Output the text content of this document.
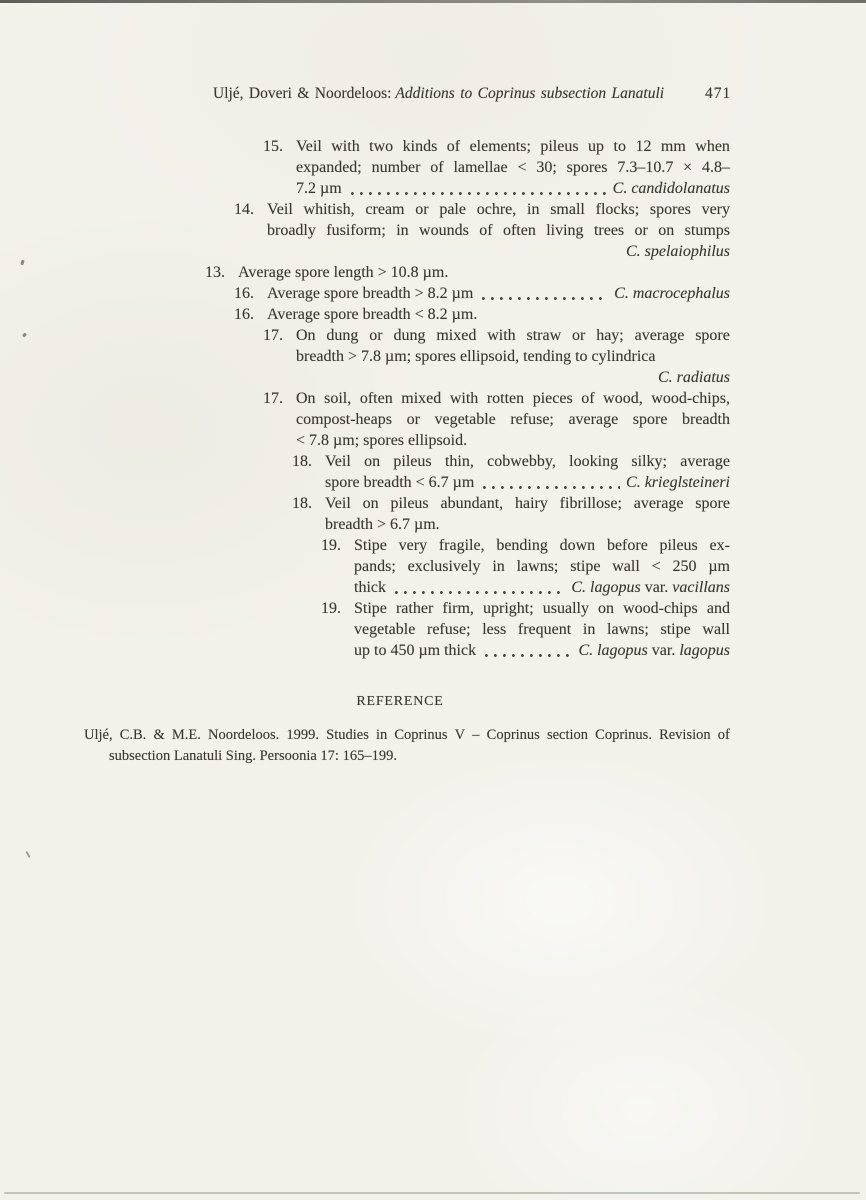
Uljé, Doveri & Noordeloos: Additions to Coprinus subsection Lanatuli	471
15. Veil with two kinds of elements; pileus up to 12 mm when
expanded; number of lamellae < 30; spores 7.3–10.7 × 4.8–
7.2 µm	C. candidolanatus
14. Veil whitish, cream or pale ochre, in small flocks; spores very
broadly fusiform; in wounds of often living trees or on stumps
C. spelaiophilus
13. Average spore length > 10.8 µm.
16. Average spore breadth > 8.2 µm	C. macrocephalus
16. Average spore breadth < 8.2 µm.
17. On dung or dung mixed with straw or hay; average spore
breadth > 7.8 µm; spores ellipsoid, tending to cylindrica
C. radiatus
17. On soil, often mixed with rotten pieces of wood, wood-chips,
compost-heaps or vegetable refuse; average spore breadth
< 7.8 µm; spores ellipsoid.
18. Veil on pileus thin, cobwebby, looking silky; average
spore breadth < 6.7 µm	C. krieglsteineri
18. Veil on pileus abundant, hairy fibrillose; average spore
breadth > 6.7 µm.
19. Stipe very fragile, bending down before pileus ex-
pands; exclusively in lawns; stipe wall < 250 µm
thick	C. lagopus var. vacillans
19. Stipe rather firm, upright; usually on wood-chips and
vegetable refuse; less frequent in lawns; stipe wall
up to 450 µm thick	C. lagopus var. lagopus
REFERENCE
Uljé, C.B. & M.E. Noordeloos. 1999. Studies in Coprinus V – Coprinus section Coprinus. Revision of
subsection Lanatuli Sing. Persoonia 17: 165–199.
